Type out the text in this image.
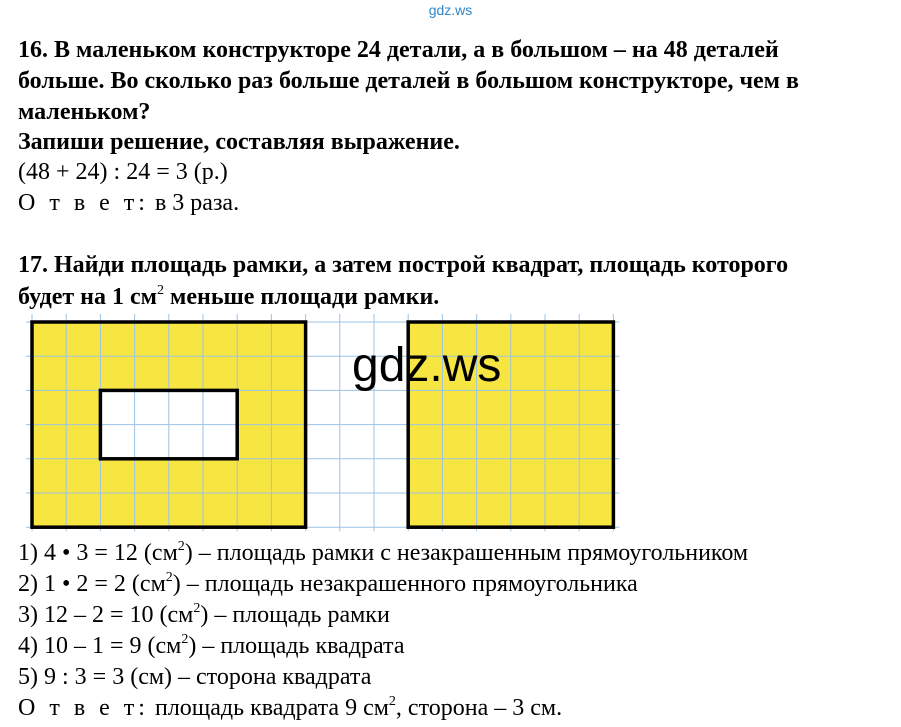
gdz.ws
16. В маленьком конструкторе 24 детали, а в большом – на 48 деталей
больше. Во сколько раз больше деталей в большом конструкторе, чем в
маленьком?
Запиши решение, составляя выражение.
(48 + 24) : 24 = 3 (р.)
О т в е т: в 3 раза.
17. Найди площадь рамки, а затем построй квадрат, площадь которого
будет на 1 $см^2$ меньше площади рамки.
gdz.ws
1) 4 • 3 = 12 $(см^2)$ – площадь рамки с незакрашенным прямоугольником
2) 1 • 2 = 2 $(см^2)$ – площадь незакрашенного прямоугольника
3) 12 – 2 = 10 $(см^2)$ – площадь рамки
4) 10 – 1 = 9 $(см^2)$ – площадь квадрата
5) 9 : 3 = 3 (см) – сторона квадрата
О т в е т: площадь квадрата 9 $см^2$, сторона – 3 см.
